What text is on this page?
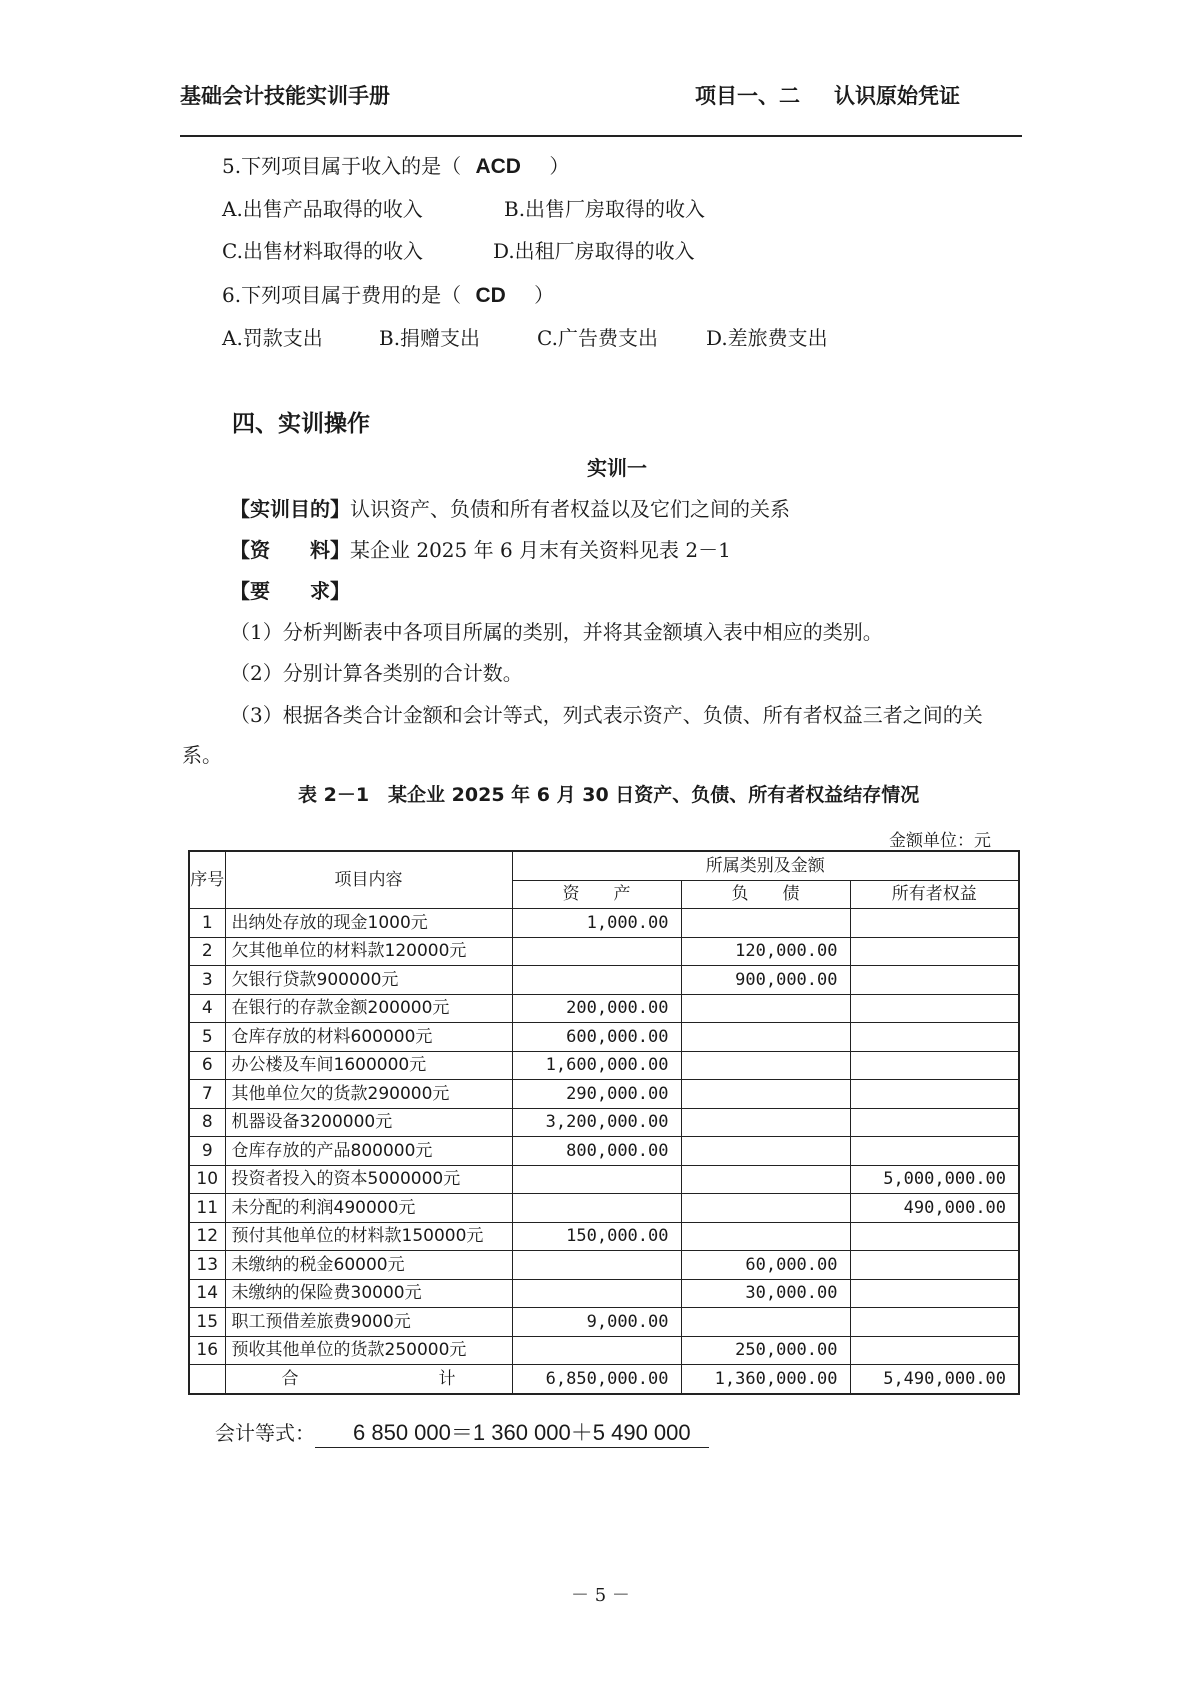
基础会计技能实训手册	项目一、二 认识原始凭证
5.下列项目属于收入的是（ ACD ）
A.出售产品取得的收入	B.出售厂房取得的收入
C.出售材料取得的收入	D.出租厂房取得的收入
6.下列项目属于费用的是（ CD ）
A.罚款支出	B.捐赠支出	C.广告费支出 D.差旅费支出
四、实训操作
实训一
【实训目的】认识资产、负债和所有者权益以及它们之间的关系
【资　　料】某企业 2025 年 6 月末有关资料见表 2－1
【要　　求】
（1）分析判断表中各项目所属的类别，并将其金额填入表中相应的类别。
（2）分别计算各类别的合计数。
（3）根据各类合计金额和会计等式，列式表示资产、负债、所有者权益三者之间的关
系。
表 2－1　某企业 2025 年 6 月 30 日资产、负债、所有者权益结存情况
金额单位：元
序号	项目内容	所属类别及金额		
		资　　产	负　　债	所有者权益
1	出纳处存放的现金1000元	1,000.00		
2	欠其他单位的材料款120000元		120,000.00	
3	欠银行贷款900000元		900,000.00	
4	在银行的存款金额200000元	200,000.00		
5	仓库存放的材料600000元	600,000.00		
6	办公楼及车间1600000元	1,600,000.00		
7	其他单位欠的货款290000元	290,000.00		
8	机器设备3200000元	3,200,000.00		
9	仓库存放的产品800000元	800,000.00		
10	投资者投入的资本5000000元			5,000,000.00
11	未分配的利润490000元			490,000.00
12	预付其他单位的材料款150000元	150,000.00		
13	未缴纳的税金60000元		60,000.00	
14	未缴纳的保险费30000元		30,000.00	
15	职工预借差旅费9000元	9,000.00		
16	预收其他单位的货款250000元		250,000.00	
	合 计	6,850,000.00	1,360,000.00	5,490,000.00
会计等式： 6 850 000＝1 360 000＋5 490 000
－ 5 －
